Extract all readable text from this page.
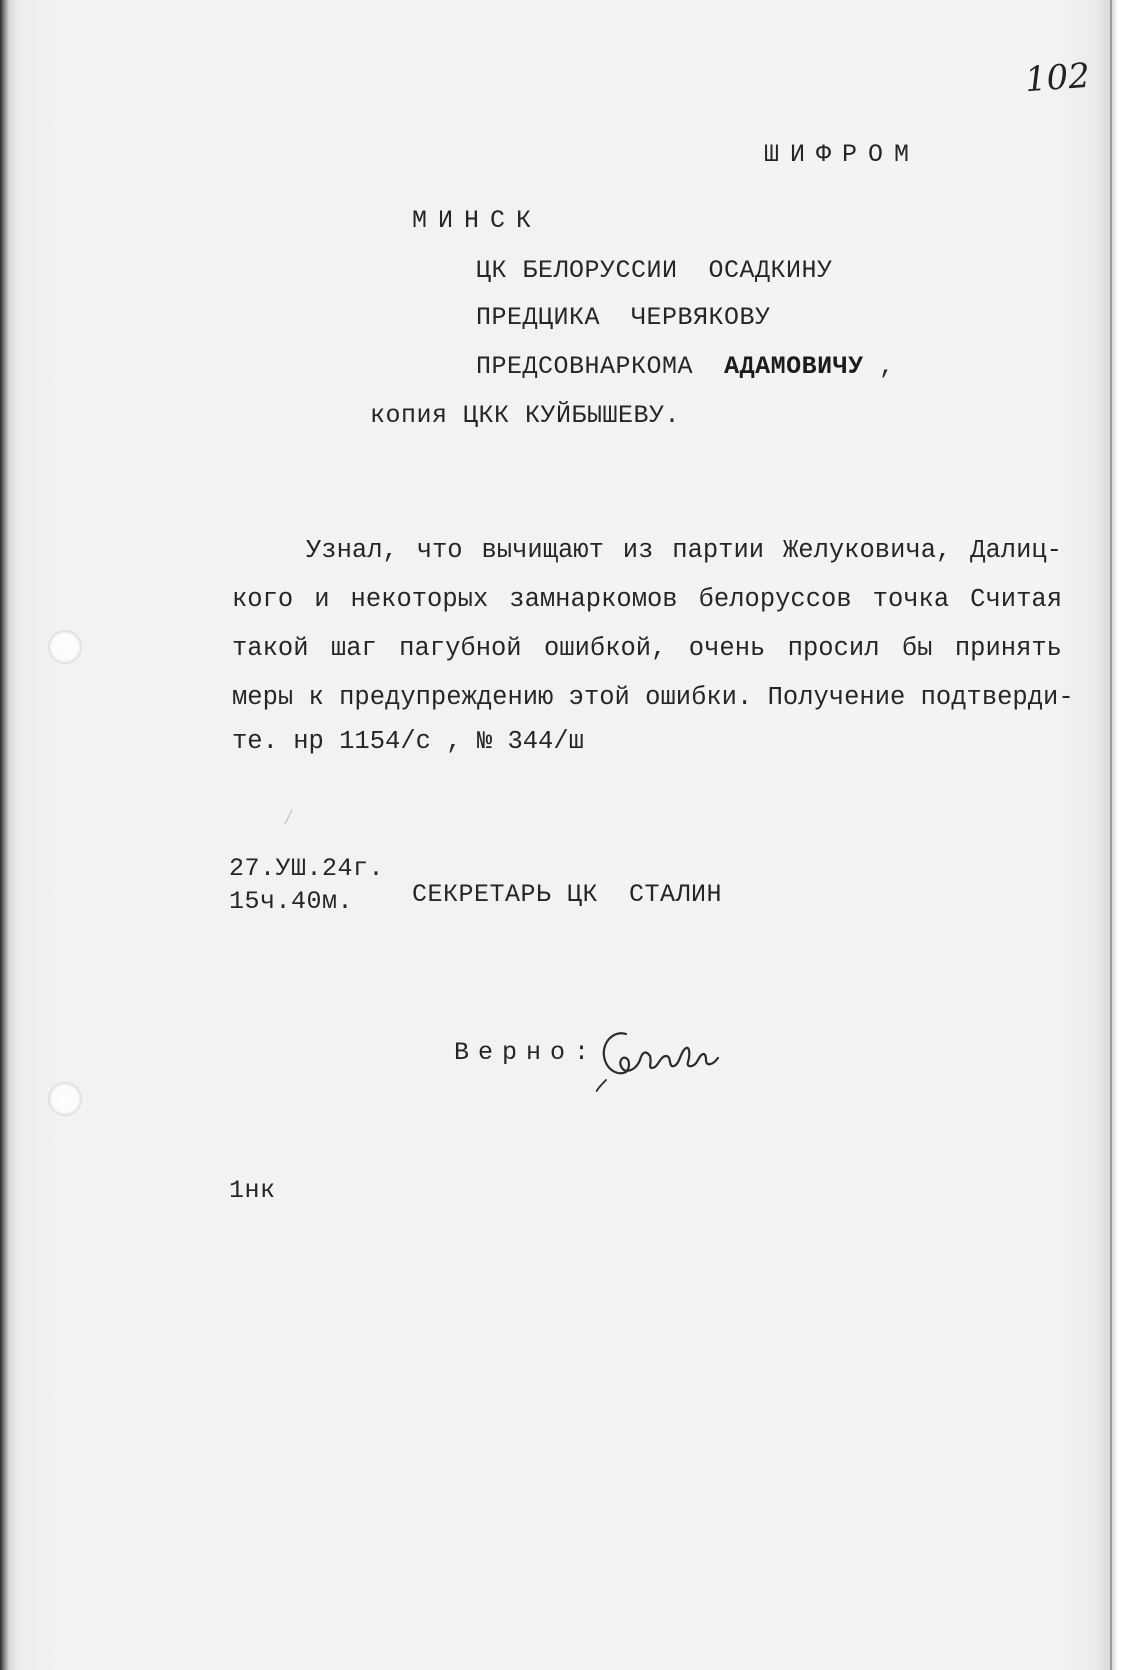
102
ШИФРОМ
МИНСК
ЦК БЕЛОРУССИИ  ОСАДКИНУ
ПРЕДЦИКА  ЧЕРВЯКОВУ
ПРЕДСОВНАРКОМА АДАМОВИЧУ ,
копия ЦКК КУЙБЫШЕВУ.
Узнал, что вычищают из партии Желуковича, Далиц-
кого и некоторых замнаркомов белоруссов точка Считая
такой шаг пагубной ошибкой, очень просил бы принять
меры к предупреждению этой ошибки. Получение подтверди-
те. нр 1154/с , № 344/ш
⁄
27.УШ.24г.
15ч.40м. СЕКРЕТАРЬ ЦК  СТАЛИН
Верно:
1нк
